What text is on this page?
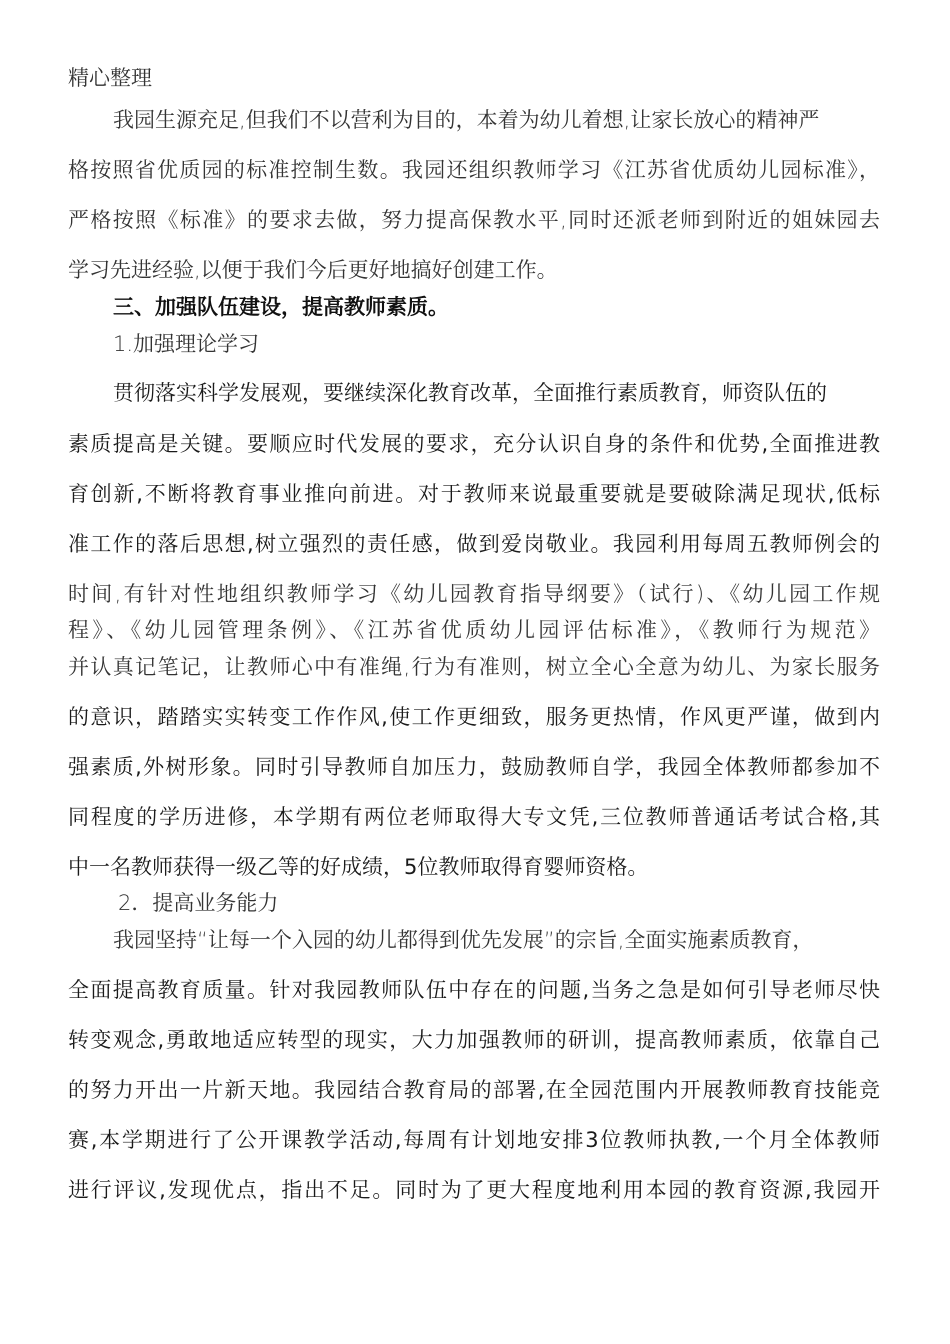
精心整理
我园生源充足,但我们不以营利为目的，本着为幼儿着想,让家长放心的精神严
格按照省优质园的标准控制生数。我园还组织教师学习《江苏省优质幼儿园标准》，
严格按照《标准》的要求去做，努力提高保教水平,同时还派老师到附近的姐妹园去
学习先进经验,以便于我们今后更好地搞好创建工作。
三、加强队伍建设，提高教师素质。
1.加强理论学习
贯彻落实科学发展观，要继续深化教育改革，全面推行素质教育，师资队伍的
素质提高是关键。要顺应时代发展的要求，充分认识自身的条件和优势,全面推进教
育创新,不断将教育事业推向前进。对于教师来说最重要就是要破除满足现状,低标
准工作的落后思想,树立强烈的责任感，做到爱岗敬业。我园利用每周五教师例会的
时间,有针对性地组织教师学习《幼儿园教育指导纲要》（试行)、《幼儿园工作规
程》、《幼儿园管理条例》、《江苏省优质幼儿园评估标准》，《教师行为规范》
并认真记笔记，让教师心中有准绳,行为有准则，树立全心全意为幼儿、为家长服务
的意识，踏踏实实转变工作作风,使工作更细致，服务更热情，作风更严谨，做到内
强素质,外树形象。同时引导教师自加压力，鼓励教师自学，我园全体教师都参加不
同程度的学历进修，本学期有两位老师取得大专文凭,三位教师普通话考试合格,其
中一名教师获得一级乙等的好成绩，5位教师取得育婴师资格。
2．提高业务能力
我园坚持“让每一个入园的幼儿都得到优先发展”的宗旨,全面实施素质教育，
全面提高教育质量。针对我园教师队伍中存在的问题,当务之急是如何引导老师尽快
转变观念,勇敢地适应转型的现实，大力加强教师的研训，提高教师素质，依靠自己
的努力开出一片新天地。我园结合教育局的部署,在全园范围内开展教师教育技能竞
赛,本学期进行了公开课教学活动,每周有计划地安排3位教师执教,一个月全体教师
进行评议,发现优点，指出不足。同时为了更大程度地利用本园的教育资源,我园开
